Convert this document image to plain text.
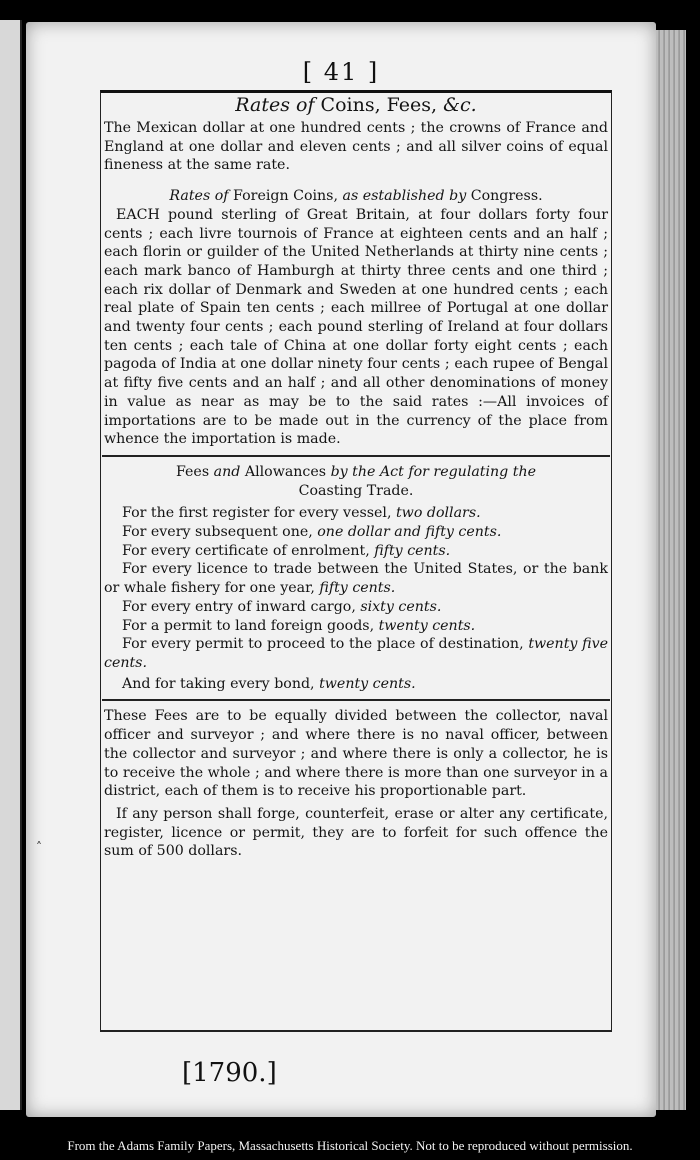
[ 41 ]

Rates of Coins, Fees, &c.

The Mexican dollar at one hundred cents ; the crowns of France and England at one dollar and eleven cents ; and all silver coins of equal fineness at the same rate.

Rates of Foreign Coins, as established by Congress.

EACH pound sterling of Great Britain, at four dollars forty four cents ; each livre tournois of France at eighteen cents and an half ; each florin or guilder of the United Netherlands at thirty nine cents ; each mark banco of Hamburgh at thirty three cents and one third ; each rix dollar of Denmark and Sweden at one hundred cents ; each real plate of Spain ten cents ; each millree of Portugal at one dollar and twenty four cents ; each pound sterling of Ireland at four dollars ten cents ; each tale of China at one dollar forty eight cents ; each pagoda of India at one dollar ninety four cents ; each rupee of Bengal at fifty five cents and an half ; and all other denominations of money in value as near as may be to the said rates :—All invoices of importations are to be made out in the currency of the place from whence the importation is made.

Fees and Allowances by the Act for regulating the
Coasting Trade.

For the first register for every vessel, two dollars.

For every subsequent one, one dollar and fifty cents.

For every certificate of enrolment, fifty cents.

For every licence to trade between the United States, or the bank or whale fishery for one year, fifty cents.

For every entry of inward cargo, sixty cents.

For a permit to land foreign goods, twenty cents.

For every permit to proceed to the place of destination, twenty five cents.

And for taking every bond, twenty cents.

These Fees are to be equally divided between the collector, naval officer and surveyor ; and where there is no naval officer, between the collector and surveyor ; and where there is only a collector, he is to receive the whole ; and where there is more than one surveyor in a district, each of them is to receive his proportionable part.

If any person shall forge, counterfeit, erase or alter any certificate, register, licence or permit, they are to forfeit for such offence the sum of 500 dollars.

[1790.]
˄
From the Adams Family Papers, Massachusetts Historical Society. Not to be reproduced without permission.
